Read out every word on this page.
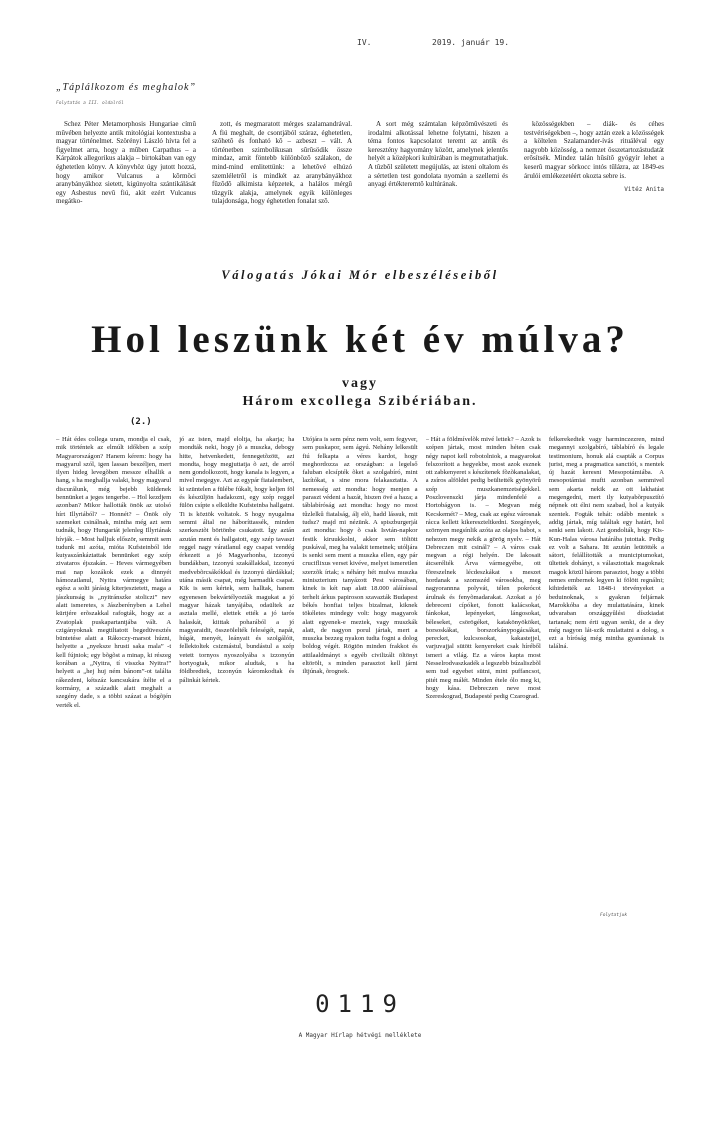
IV.	2019. január 19.
„Táplálkozom és meghalok”
Folytatás a III. oldalról

Schez Péter Metamorphosis Hungariae címû mûvében helyezte antik mitológiai kontextusba a magyar történelmet. Szörényi László hívta fel a figyelmet arra, hogy a mûben Carpathus – a Kárpátok allegorikus alakja – birtokában van egy éghetetlen könyv. A könyvhöz úgy jutott hozzá, hogy amikor Vulcanus a kõrmöci aranybányákhoz sietett, kigúnyolta szántikálását egy Asbestus nevû fiú, akit ezért Vulcanus megátko-

zott, és megmaratott mérges szalamandrával. A fiú meghalt, de csontjából száraz, éghetetlen, szõhetõ és fonható kõ – azbeszt – vált. A történetben szimbolikusan sûrûsödik össze mindaz, amit föntebb különbözõ szálakon, de mind-mind emlitettünk: a lehetõvé elhúzó szemléletrõl is mindkét az aranybányákhoz fûzõdõ alkimista képzetek, a halálos mérgû tûzgyík alakja, amelynek egyik különleges tulajdonsága, hogy éghetetlen fonalat szõ.

A sort még számtalan képzõmûvészeti és irodalmi alkotással lehetne folytatni, hiszen a téma fontos kapcsolatot teremt az antik és keresztény hagyomány között, amelynek jelentõs helyét a középkori kultúrában is megmutathatjuk. A tûzbõl született megújulás, az isteni oltalom és a sértetlen test gondolata nyomán a szellemi és anyagi értékteremtõ kultúrának.

közösségekben – diák- és céhes testvériségekben –, hogy aztán ezek a közösségek a költelen Szalamander-ívás rituáléval egy nagyobb közösség, a nemzet összetartozástudatát erõsítsék. Mindez talán hûsítõ gyógyír lehet a keserû magyar sörkocc intós tűlázra, az 1849-es árulói emlékezetéért okozta sebre is.

Vitéz Anita
Válogatás Jókai Mór elbeszéléseiből
Hol leszünk két év múlva?
vagy
Három excollega Szibériában.
(2.)

– Hát édes collega uram, mondja el csak, mik történtek az elmúlt időkben a szép Magyarországon? Hanem kérem: hogy ha magyarul szól, igen lassan beszéljen, mert ilyen hideg levegõben messze elhallik a hang, s ha meghallja valaki, hogy magyarul discurálunk, még bejebb küldenek bennünket a jeges tengerbe. – Hol kezdjem azonban? Mikor hallották önök az utolsó hírt Illyriából? – Honnét? – Önök oly szemeket csinálnak, mintha még azt sem tudnák, hogy Hungariát jelenleg Illyriának hívják. – Most halljuk először, semmit sem tudunk mi azóta, mióta Kufsteinból ide kutyaszánkáztattak bennünket egy szép zivataros éjszakán. – Heves vármegyében mai nap kozákok ezek a dinnyét hámozatlanul, Nyitra vármegye határa egész a solti járásig kiterjesztetett, maga a jászkunság is „nyitránszke stoliczi” nev alatt ismeretes, s Jászberényben a Lehel kürtjére erõszakkal rafogták, hogy az a Zvatoplak puskapartantjába vált. A czigányoknak megtiltatott begedüvesztés büntetése alatt a Rákoczy-marsot húzni, helyette a „nyeksze hrusti saka mala” -t kell fújniok; egy bõgõst a minap, ki részeg korában a „Nyitra, tí visszka Nyitra!” helyett a „hej huj ném bánom”-ot találta rákezdeni, kétszáz kancsukára ítélte el a kormány, a századik alatt meghalt a szegény dade, s a többi százat a bógõjén verték el.

jó az isten, majd eloltja, ha akarja; ha mondták neki, hogy jõ a muszka, debogy hitte, hetvenkedett, fennegetõzött, azt mondta, hogy megjuttatja õ azt, de arról nem gondolkozott, hogy kanala is legyen, a mivel megegye. Azt az egypár fiatalembert, ki szüntelen a fülébe fúkalt, hogy keljen föl és készüljön hadakozni, egy szép reggel fülön csípte s elküldte Kufsteinba hallgatni. Ti is köztök voltatok. S hogy nyugalma semmi által ne háboríttassék, minden szerkesztõt börtönbe csukatott. Így aztán azután ment és hallgatott, egy szép tavaszi reggel nagy váratlanul egy csapat vendég érkezett a jó Magyarhonba, izzonyú bundákban, izzonyú szakállakkal, izzonyú medvebõrcsákókkal és izzonyú dárdákkal; utána másik csapat, még harmadik csapat. Kik is sem kértek, sem halltak, hanem egyenesen bekvártélyozták magukat a jó magyar házak tanyájába, odaültek az asztala mellé, elettek ették a jó tarós halaskát, kiittak poharából a jó magyaraidit, összeölelték feleségét, napát, húgát, menyét, leányait és szolgálóit, fellektoltek csizmástul, bundástul a szép vetett tornyos nyoszolyába s izzonyún hortyogtak, mikor aludtak, s ha földbredtek, izzonyún káromkodtak és pálinkát kértek.

Utójára is sem pénz nem volt, sem fegyver, sem puskapor, sem ágyú. Nehány lelkesült fiú felkapta a véres kardot, hogy meghordozza az országban: a legelső faluban elcsípték õket a szolgabíró, mint lazítókat, s sine mora felakasztatta. A nemesség azt mondta: hogy menjen a paraszt védeni a hazát, hiszen övé a haza; a táblabíróság azt mondta: hogy no most tûzlelkû fiatalság, álj elõ, hadd lássuk, mit tudsz? majd mi nézünk. A spiszburgerjái azt mondta: hogy õ csak Isvtán-napkor festik kiruukkolni, akkor sem töltött puskával, meg ha valakit temetnek; utóljára is senki sem ment a muszka ellen, egy pár cruciflixus verset kivéve, melyet ismeretlen szerzõk írtak; s néhány hét mulva muszka miniszterium tanyázott Pest városában, kinek is két nap alatt 18.000 aláírással terhelt árkus papiroson szavazták Budapest békés honfiai teljes bizalmat, kiknek tökéletes mindegy volt: hogy magyarok alatt egyenek-e meztek, vagy muszkák alatt, de nagyon porul jártak, mert a muszka bezzeg nyakon tudta fogni a dolog boldog végét. Rögtön minden frakkot és attilaaldmányt s egyéb civilizált öltönyt eltörölt, s minden parasztot kell járni iltjúnak, õrognek.

– Hát a földmívelõk mivé lettek? – Azok is szépen jártak, most minden héten csak négy napot kell robotolniok, a magyarokat felszorított a hegyekbe, most azok esznek ott zabkenyeret s készítenek fõzõkanalakat, a zsíros alföldet pedig beültették gyönyörû szép muszkanemzetségekkel. Poszlovenszki járja mindenfelé a Hortobágyon is. – Megvan még Kecskemét? – Meg, csak az egész városnak rácca kellett kikereszteltkedni. Szegények, szörnyen megsínlik azóta az olajos babot, s nehezen megy nekik a görög nyelv. – Hát Debreczen mit csinál? – A város csak megvan a régi helyén. De lakosait átcserélték Árva vármegyébe, ott fõreszelnek lécdeszkákat s meszet hordanak a szomszéd városokba, meg nagyorannna polyvát, télen pokrócot árulnak és fenyõmadarakat. Azokat a jó debreceni cípóket, fonott kalácsokat, fánkokat, lepényeket, lángosokat, béleseket, csörögéket, katakönyököket, borsoskákat, borszorkánypogácsákat, perecket, kulcsosokat, kakastejjel, varjuvajjal sütött kenyereket csak híréből ismeri a világ. Ez a város kapta most Nesselrodvaszkadék a legszebb búzaliszbõl sem tud egyebet sütni, mint puffancsot, pitét meg málét. Minden étele ólo meg ki, hogy kása. Debreczen neve most Szereskograd, Budapesté pedig Czarograd.

felkerekedtek vagy harminczezren, mind megannyi szolgabíró, táblabíró és legale testimonium, honuk alá csapták a Corpus jurist, meg a pragmatica sanctiót, s mentek új hazát keresni Mesopotámiába. A mesopotámiai mufti azonban semmivel sem akarta nekik az ott lakhatást megengedni, mert ily kutyabõrpusztító népnek ott élni nem szabad, hol a kutyák szentek. Fogták tehát: odább mentek s addig jártak, míg találtak egy határt, hol senki sem lakott. Azt gondolták, hogy Kis-Kun-Halas városa határába jutottak. Pedig ez volt a Sahara. Itt azután leütötték a sátort, felállították a municipiumokat, ültettek dohányt, s választottak magoknak magok közül három parasztot, hogy a többi nemes embernek legyen ki fölött regnálni; kihirdették az 1848-i törvényeket a beduinoknak, s gyakran feljárnak Marokkóba a dey mulattatására, kinek udvaraban országgyûlési díszkiadat tartanak; nem érti ugyan senki, de a dey még nagyon lát-szik mulattatni a dolog, s ezt a bíróság még mintha gyanúsnak is találná.

Folytatjuk
0119
A Magyar Hírlap hétvégi melléklete
